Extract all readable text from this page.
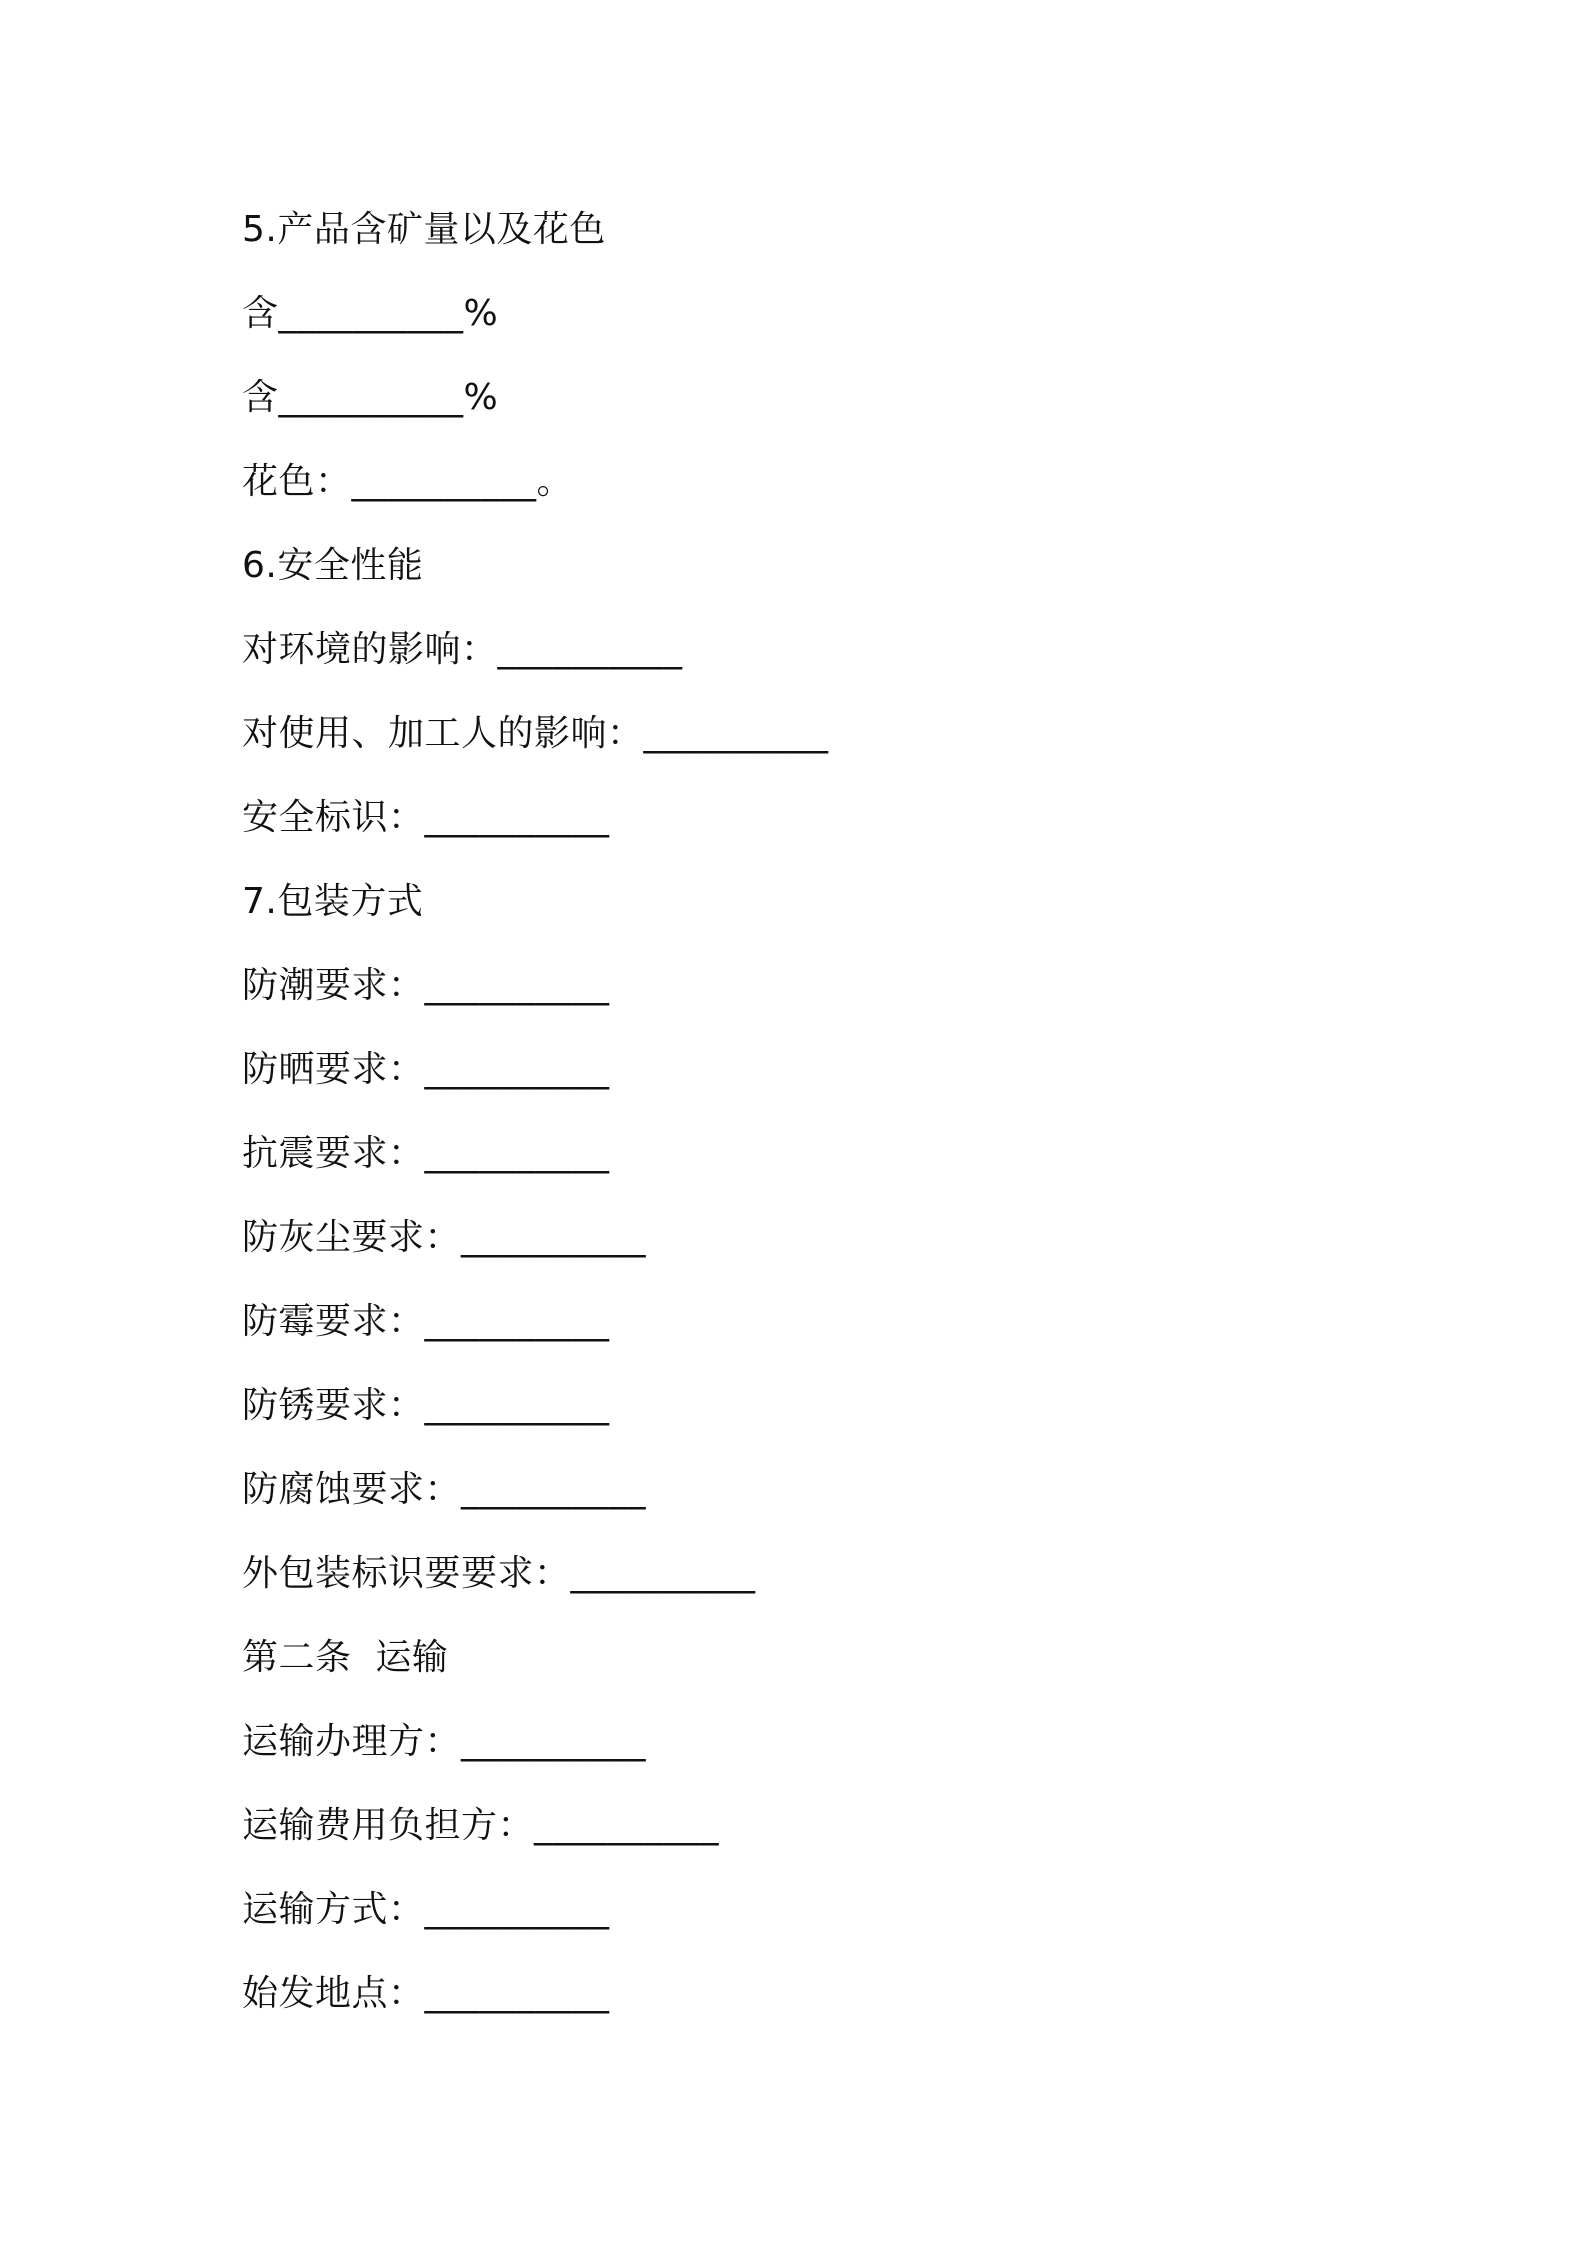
5.产品含矿量以及花色
含__________%
含__________%
花色：__________。
6.安全性能
对环境的影响：__________
对使用、加工人的影响：__________
安全标识：__________
7.包装方式
防潮要求：__________
防晒要求：__________
抗震要求：__________
防灰尘要求：__________
防霉要求：__________
防锈要求：__________
防腐蚀要求：__________
外包装标识要要求：__________
第二条  运输
运输办理方：__________
运输费用负担方：__________
运输方式：__________
始发地点：__________
